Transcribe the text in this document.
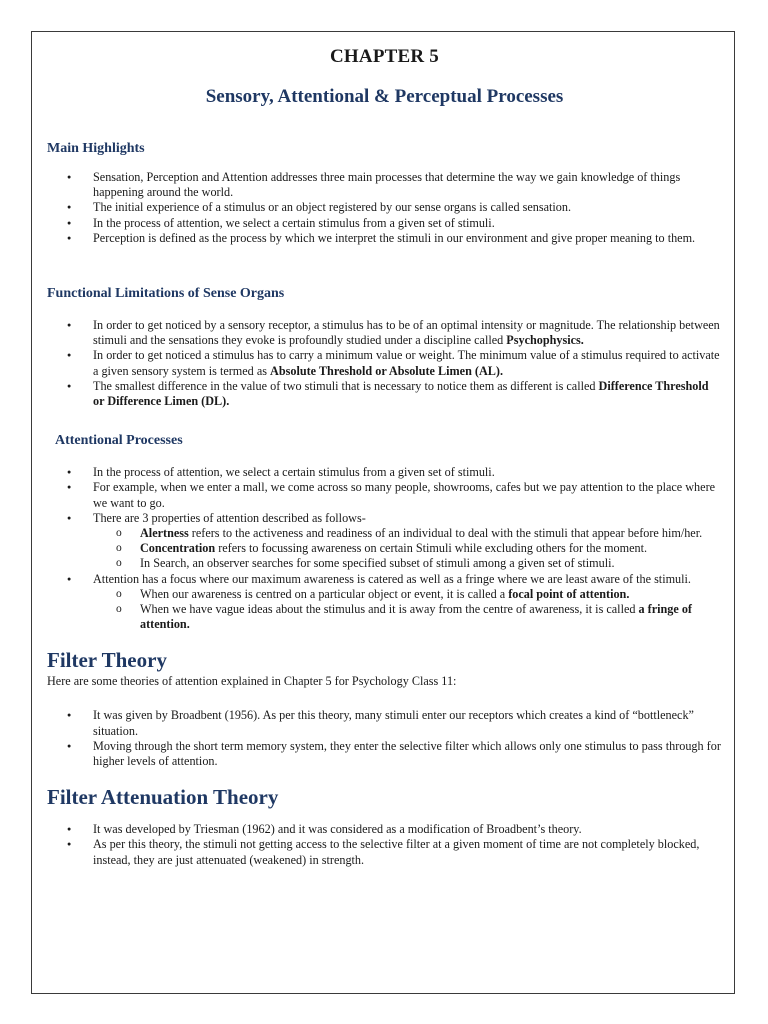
CHAPTER 5
Sensory, Attentional & Perceptual Processes
Main Highlights
● Sensation, Perception and Attention addresses three main processes that determine the way we gain knowledge of things happening around the world.
● The initial experience of a stimulus or an object registered by our sense organs is called sensation.
● In the process of attention, we select a certain stimulus from a given set of stimuli.
● Perception is defined as the process by which we interpret the stimuli in our environment and give proper meaning to them.
Functional Limitations of Sense Organs
● In order to get noticed by a sensory receptor, a stimulus has to be of an optimal intensity or magnitude. The relationship between stimuli and the sensations they evoke is profoundly studied under a discipline called Psychophysics.
● In order to get noticed a stimulus has to carry a minimum value or weight. The minimum value of a stimulus required to activate a given sensory system is termed as Absolute Threshold or Absolute Limen (AL).
● The smallest difference in the value of two stimuli that is necessary to notice them as different is called Difference Threshold or Difference Limen (DL).
Attentional Processes
● In the process of attention, we select a certain stimulus from a given set of stimuli.
● For example, when we enter a mall, we come across so many people, showrooms, cafes but we pay attention to the place where we want to go.
● There are 3 properties of attention described as follows-
o Alertness refers to the activeness and readiness of an individual to deal with the stimuli that appear before him/her.
o Concentration refers to focussing awareness on certain Stimuli while excluding others for the moment.
o In Search, an observer searches for some specified subset of stimuli among a given set of stimuli.
● Attention has a focus where our maximum awareness is catered as well as a fringe where we are least aware of the stimuli.
o When our awareness is centred on a particular object or event, it is called a focal point of attention.
o When we have vague ideas about the stimulus and it is away from the centre of awareness, it is called a fringe of attention.
Filter Theory

Here are some theories of attention explained in Chapter 5 for Psychology Class 11:

● It was given by Broadbent (1956). As per this theory, many stimuli enter our receptors which creates a kind of “bottleneck” situation.
● Moving through the short term memory system, they enter the selective filter which allows only one stimulus to pass through for higher levels of attention.
Filter Attenuation Theory
● It was developed by Triesman (1962) and it was considered as a modification of Broadbent’s theory.
● As per this theory, the stimuli not getting access to the selective filter at a given moment of time are not completely blocked, instead, they are just attenuated (weakened) in strength.
